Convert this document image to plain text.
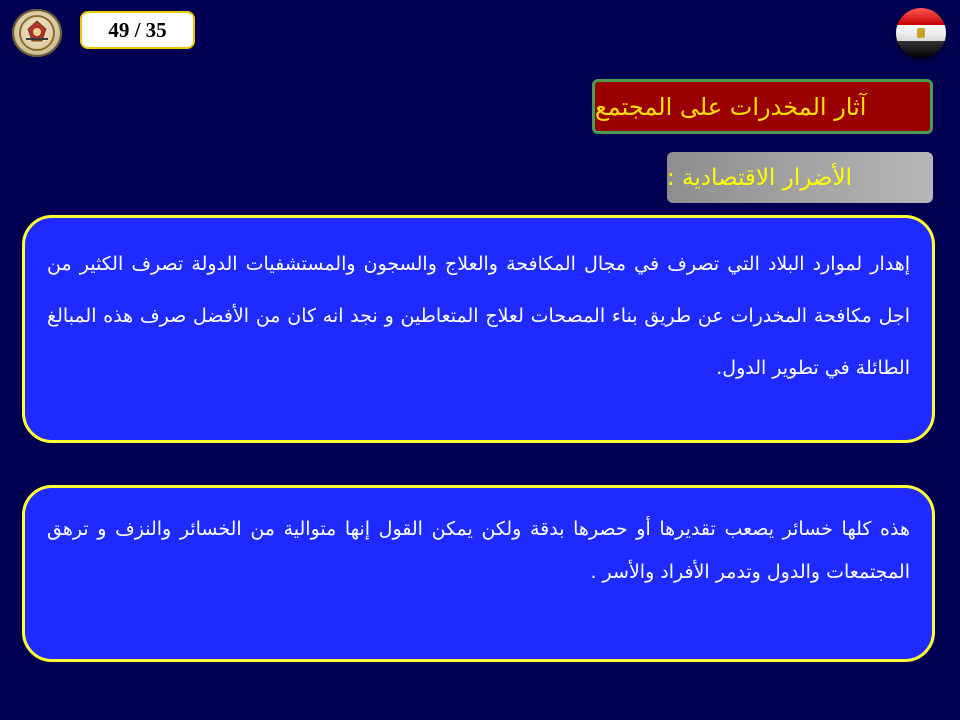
49 / 35
آثار المخدرات على المجتمع
الأضرار الاقتصادية :
إهدار لموارد البلاد التي تصرف في مجال المكافحة والعلاج والسجون والمستشفيات الدولة تصرف الكثير من اجل مكافحة المخدرات عن طريق بناء المصحات لعلاج المتعاطين و نجد انه كان من الأفضل صرف هذه المبالغ الطائلة في تطوير الدول.
هذه كلها خسائر يصعب تقديرها أو حصرها بدقة ولكن يمكن القول إنها متوالية من الخسائر والنزف و ترهق المجتمعات والدول وتدمر الأفراد والأسر .
